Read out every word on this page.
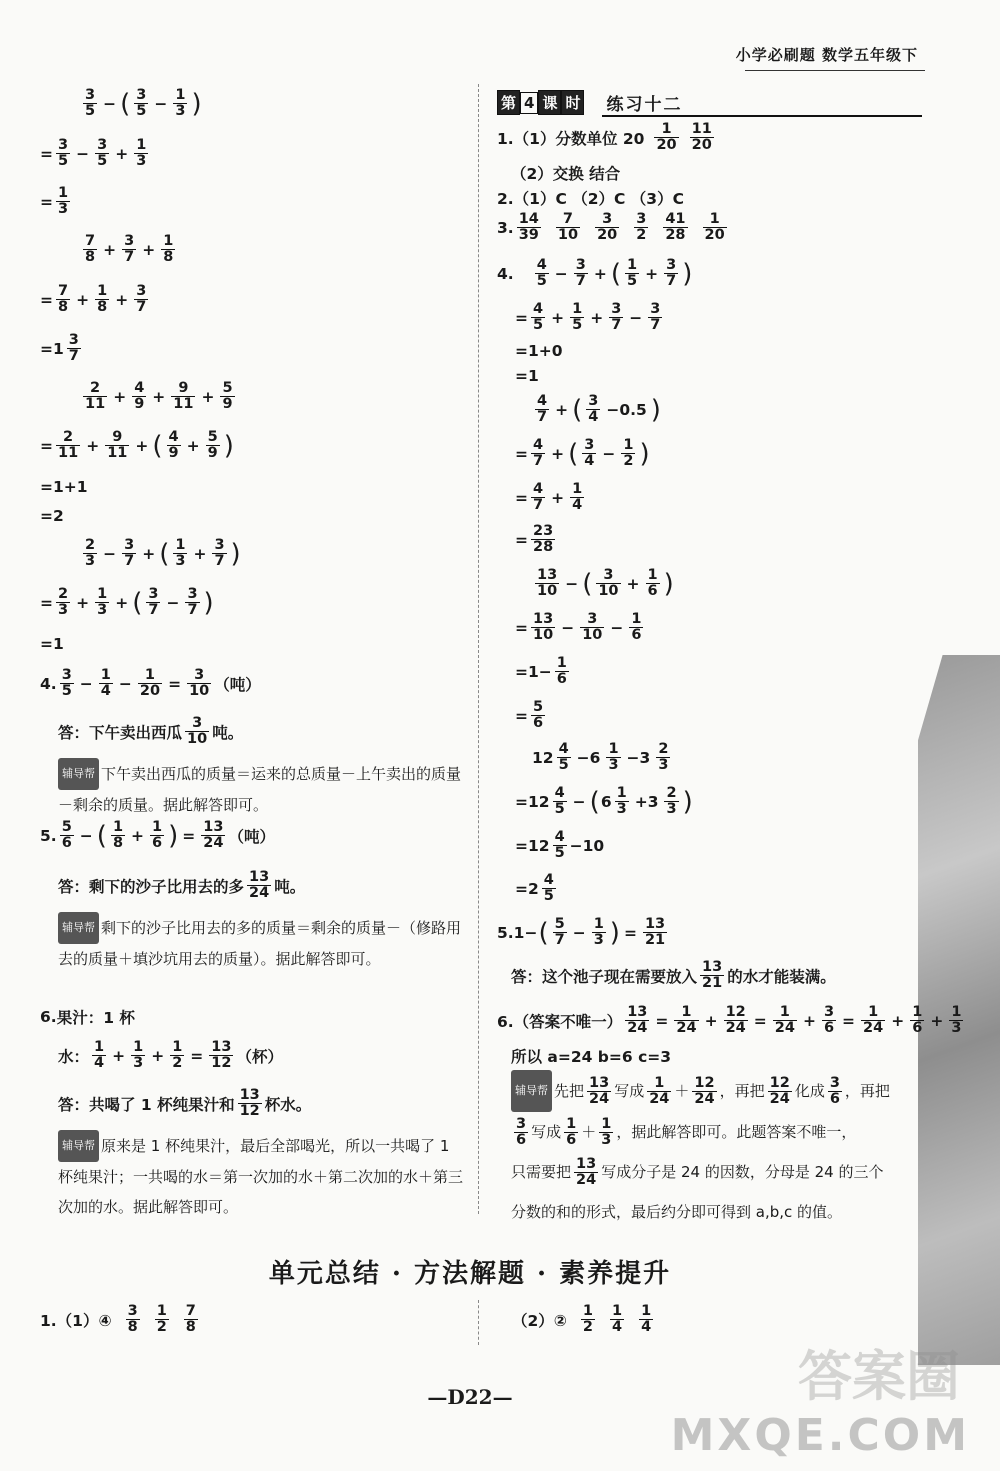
小学必刷题 数学五年级下
$\frac{3}{5}$ − ( $\frac{3}{5} - \frac{1}{3}$ )
= $\frac{3}{5} - \frac{3}{5} + \frac{1}{3}$
= $\frac{1}{3}$
$\frac{7}{8} + \frac{3}{7} + \frac{1}{8}$
= $\frac{7}{8} + \frac{1}{8} + \frac{3}{7}$
$=1 \frac{3}{7}$
$\frac{2}{11} + \frac{4}{9} + \frac{9}{11} + \frac{5}{9}$
= $\frac{2}{11} + \frac{9}{11}$ + ( $\frac{4}{9} + \frac{5}{9}$ )
=1+1
=2
$\frac{2}{3} - \frac{3}{7}$ + ( $\frac{1}{3} + \frac{3}{7}$ )
= $\frac{2}{3} + \frac{1}{3}$ + ( $\frac{3}{7} - \frac{3}{7}$ )
=1
4. $\frac{3}{5} - \frac{1}{4} - \frac{1}{20} = \frac{3}{10}$ （吨）
答：下午卖出西瓜 $\frac{3}{10}$ 吨。
辅导帮 下午卖出西瓜的质量＝运来的总质量－上午卖出的质量－剩余的质量。据此解答即可。
5. $\frac{5}{6}$ − ( $\frac{1}{8} + \frac{1}{6}$ ) = $\frac{13}{24}$ （吨）
答：剩下的沙子比用去的多 $\frac{13}{24}$ 吨。
辅导帮 剩下的沙子比用去的多的质量＝剩余的质量－（修路用去的质量＋填沙坑用去的质量）。据此解答即可。
6. 果汁：1 杯
水： $\frac{1}{4} + \frac{1}{3} + \frac{1}{2} = \frac{13}{12}$ （杯）
答：共喝了 1 杯纯果汁和 $\frac{13}{12}$ 杯水。
辅导帮 原来是 1 杯纯果汁，最后全部喝光，所以一共喝了 1 杯纯果汁；一共喝的水＝第一次加的水＋第二次加的水＋第三次加的水。据此解答即可。
第 4 课 时 练习十二
1.（1）分数单位 $20 \frac{1}{20} \frac{11}{20}$
（2）交换 结合
2.（1）C （2）C （3）C
3. $\frac{14}{39} \frac{7}{10} \frac{3}{20} \frac{3}{2} \frac{41}{28} \frac{1}{20}$
4. $\frac{4}{5} - \frac{3}{7}$ + ( $\frac{1}{5} + \frac{3}{7}$ )
= $\frac{4}{5} + \frac{1}{5} + \frac{3}{7} - \frac{3}{7}$
=1+0
=1
$\frac{4}{7}$ + ( $\frac{3}{4} -0.5$ )
= $\frac{4}{7}$ + ( $\frac{3}{4} - \frac{1}{2}$ )
= $\frac{4}{7} + \frac{1}{4}$
= $\frac{23}{28}$
$\frac{13}{10}$ − ( $\frac{3}{10} + \frac{1}{6}$ )
= $\frac{13}{10} - \frac{3}{10} - \frac{1}{6}$
$=1- \frac{1}{6}$
= $\frac{5}{6}$
$12 \frac{4}{5} -6 \frac{1}{3} -3 \frac{2}{3}$
$=12 \frac{4}{5}$ − ( $6 \frac{1}{3} +3 \frac{2}{3}$ )
$=12 \frac{4}{5} -10$
$=2 \frac{4}{5}$
5.1− ( $\frac{5}{7} - \frac{1}{3}$ ) = $\frac{13}{21}$
答：这个池子现在需要放入 $\frac{13}{21}$ 的水才能装满。
6.（答案不唯一） $\frac{13}{24} = \frac{1}{24} + \frac{12}{24} = \frac{1}{24} + \frac{3}{6} = \frac{1}{24} + \frac{1}{6} + \frac{1}{3}$
所以 a=24 b=6 c=3
辅导帮 先把 $\frac{13}{24}$ 写成 $\frac{1}{24} + \frac{12}{24}$ ，再把 $\frac{12}{24}$ 化成 $\frac{3}{6}$ ，再把

$\frac{3}{6}$ 写成 $\frac{1}{6} + \frac{1}{3}$ ，据此解答即可。此题答案不唯一，
只需要把 $\frac{13}{24}$ 写成分子是 24 的因数，分母是 24 的三个
分数的和的形式，最后约分即可得到 a,b,c 的值。
单元总结 · 方法解题 · 素养提升
1.（1）④ $\frac{3}{8} \frac{1}{2} \frac{7}{8}$	（2）② $\frac{1}{2} \frac{1}{4} \frac{1}{4}$
—D22—	答案圈
MXQE.COM
